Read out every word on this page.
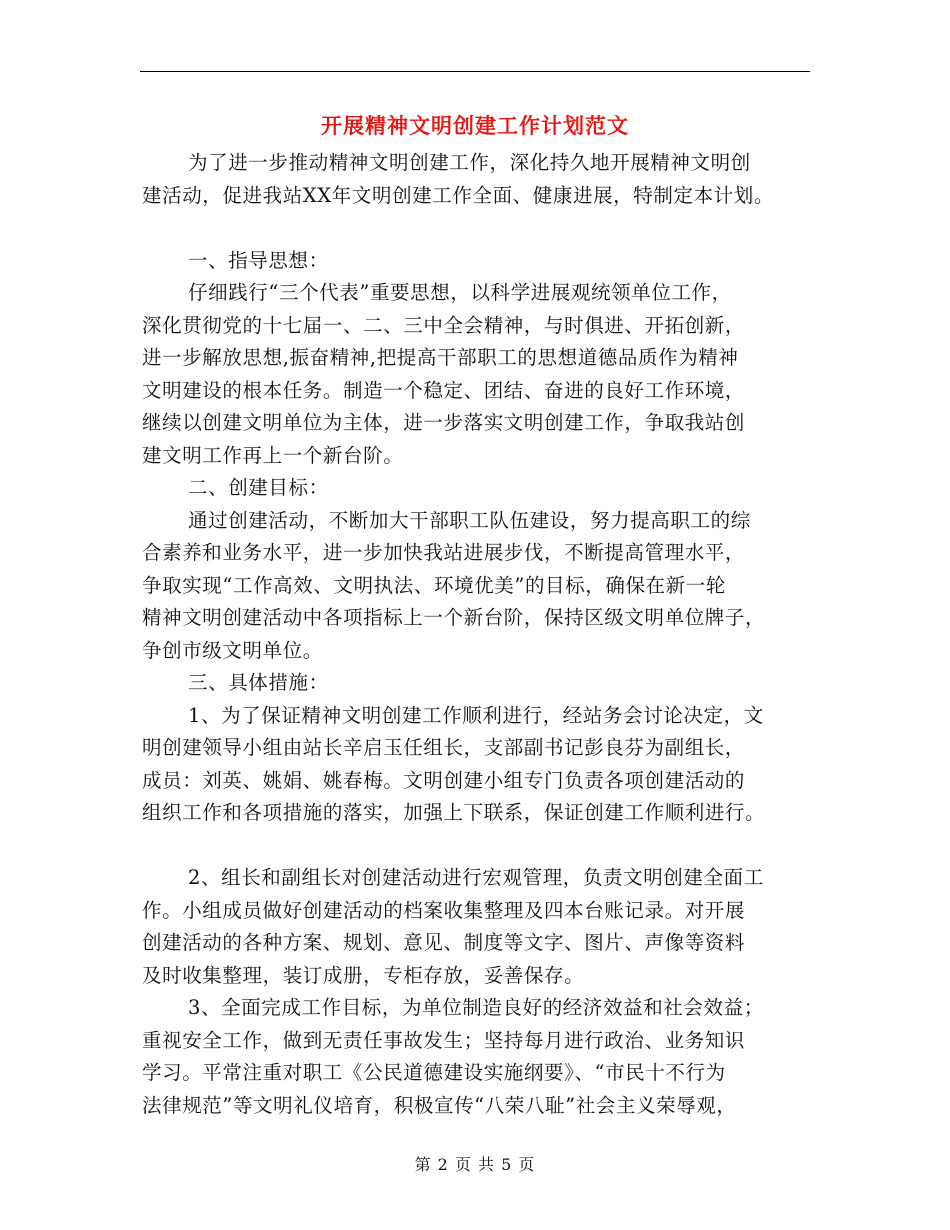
开展精神文明创建工作计划范文
为了进一步推动精神文明创建工作，深化持久地开展精神文明创
建活动，促进我站XX年文明创建工作全面、健康进展，特制定本计划。
一、指导思想：
仔细践行“三个代表”重要思想，以科学进展观统领单位工作，
深化贯彻党的十七届一、二、三中全会精神，与时俱进、开拓创新，
进一步解放思想,振奋精神,把提高干部职工的思想道德品质作为精神
文明建设的根本任务。制造一个稳定、团结、奋进的良好工作环境，
继续以创建文明单位为主体，进一步落实文明创建工作，争取我站创
建文明工作再上一个新台阶。
二、创建目标：
通过创建活动，不断加大干部职工队伍建设，努力提高职工的综
合素养和业务水平，进一步加快我站进展步伐，不断提高管理水平，
争取实现“工作高效、文明执法、环境优美”的目标，确保在新一轮
精神文明创建活动中各项指标上一个新台阶，保持区级文明单位牌子，
争创市级文明单位。
三、具体措施：
1、为了保证精神文明创建工作顺利进行，经站务会讨论决定，文
明创建领导小组由站长辛启玉任组长，支部副书记彭良芬为副组长，
成员：刘英、姚娟、姚春梅。文明创建小组专门负责各项创建活动的
组织工作和各项措施的落实，加强上下联系，保证创建工作顺利进行。
2、组长和副组长对创建活动进行宏观管理，负责文明创建全面工
作。小组成员做好创建活动的档案收集整理及四本台账记录。对开展
创建活动的各种方案、规划、意见、制度等文字、图片、声像等资料
及时收集整理，装订成册，专柜存放，妥善保存。
3、全面完成工作目标，为单位制造良好的经济效益和社会效益；
重视安全工作，做到无责任事故发生；坚持每月进行政治、业务知识
学习。平常注重对职工《公民道德建设实施纲要》、“市民十不行为
法律规范”等文明礼仪培育，积极宣传“八荣八耻”社会主义荣辱观，
第 2 页 共 5 页
